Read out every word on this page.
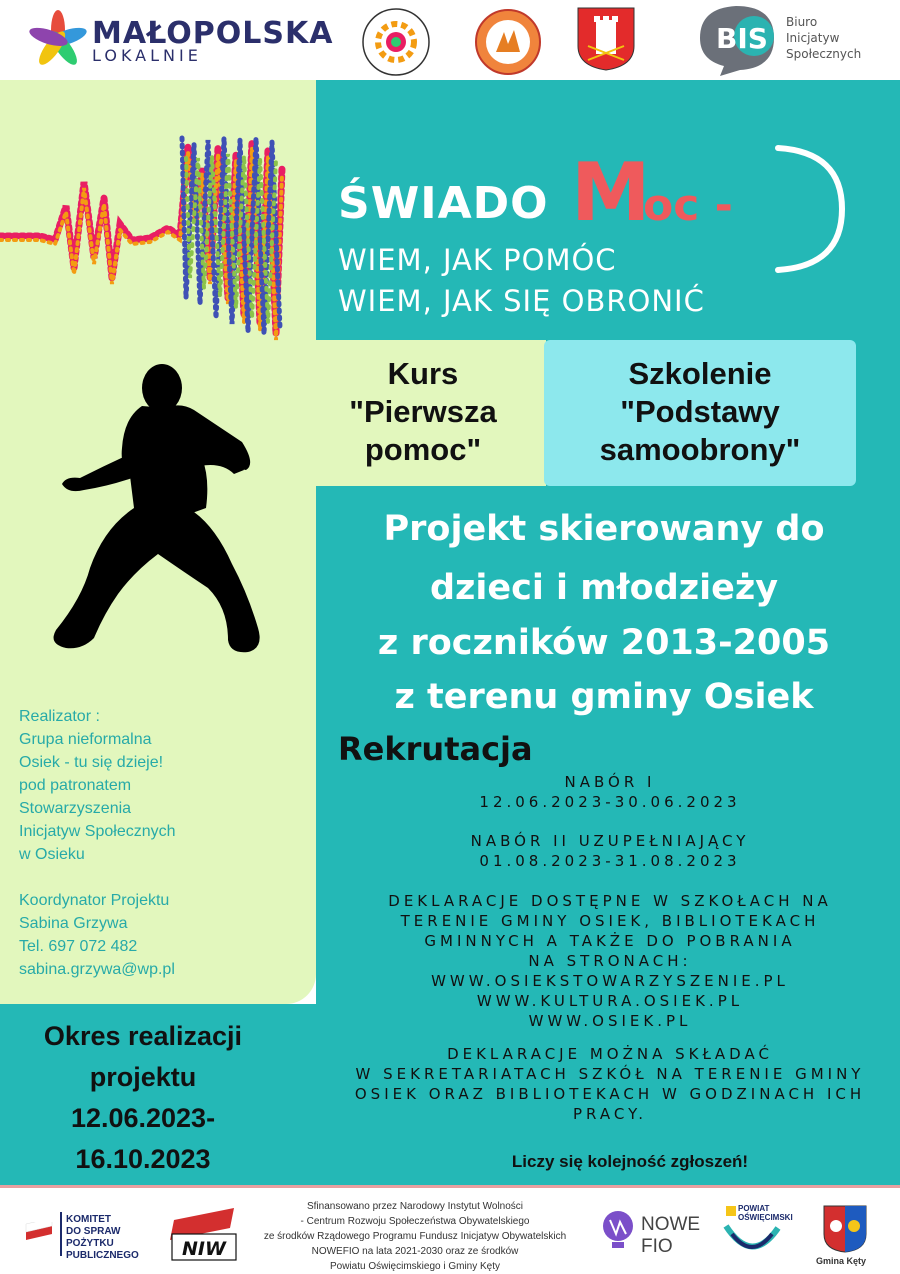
MAŁOPOLSKA
LOKALNIE
BIS Biuro
Inicjatyw
Społecznych
ŚWIADO M
oc -
WIEM, JAK POMÓC
WIEM, JAK SIĘ OBRONIĆ
Kurs
"Pierwsza
pomoc"
Szkolenie
"Podstawy
samoobrony"
Projekt skierowany do
dzieci i młodzieży
z roczników 2013-2005
z terenu gminy Osiek
Rekrutacja
NABÓR I
12.06.2023-30.06.2023
NABÓR II UZUPEŁNIAJĄCY
01.08.2023-31.08.2023
DEKLARACJE DOSTĘPNE W SZKOŁACH NA
TERENIE GMINY OSIEK, BIBLIOTEKACH
GMINNYCH A TAKŻE DO POBRANIA
NA STRONACH:
WWW.OSIEKSTOWARZYSZENIE.PL
WWW.KULTURA.OSIEK.PL
WWW.OSIEK.PL
DEKLARACJE MOŻNA SKŁADAĆ
W SEKRETARIATACH SZKÓŁ NA TERENIE GMINY
OSIEK ORAZ BIBLIOTEKACH W GODZINACH ICH
PRACY.
Liczy się kolejność zgłoszeń!
Realizator :
Grupa nieformalna
Osiek - tu się dzieje!
pod patronatem
Stowarzyszenia
Inicjatyw Społecznych
w Osieku
Koordynator Projektu
Sabina Grzywa
Tel. 697 072 482
sabina.grzywa@wp.pl
Okres realizacji
projektu
12.06.2023-
16.10.2023
KOMITET
DO SPRAW
POŻYTKU
PUBLICZNEGO NIW
Sfinansowano przez Narodowy Instytut Wolności
- Centrum Rozwoju Społeczeństwa Obywatelskiego
ze środków Rządowego Programu Fundusz Inicjatyw Obywatelskich
NOWEFIO na lata 2021-2030 oraz ze środków
Powiatu Oświęcimskiego i Gminy Kęty
NOWE
FIO
POWIAT
OŚWIĘCIMSKI
Gmina Kęty
